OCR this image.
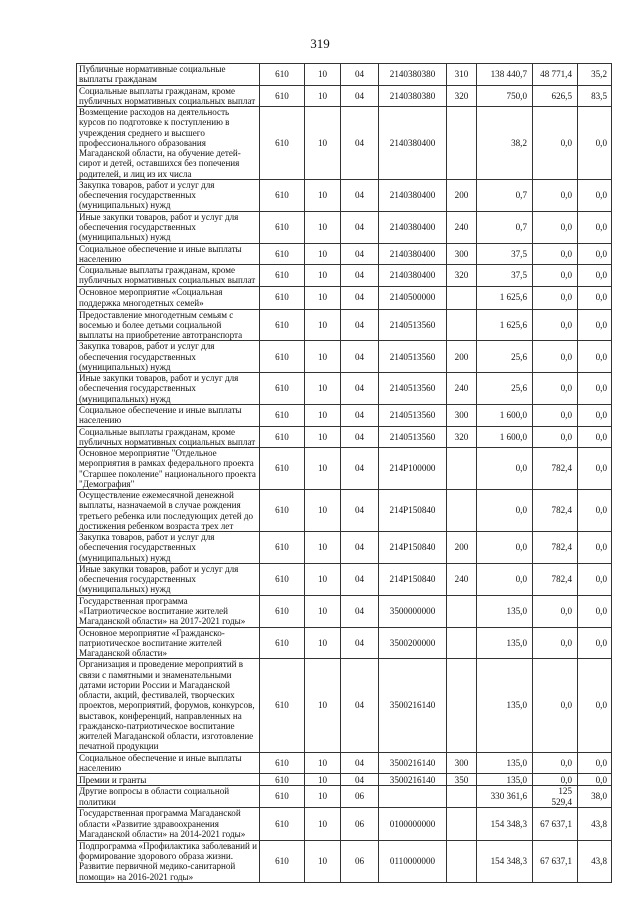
319
Публичные нормативные социальные выплаты гражданам	610	10	04	2140380380	310	138 440,7	48 771,4	35,2
Социальные выплаты гражданам, кроме публичных нормативных социальных выплат	610	10	04	2140380380	320	750,0	626,5	83,5
Возмещение расходов на деятельность курсов по подготовке к поступлению в учреждения среднего и высшего профессионального образования Магаданской области, на обучение детей-сирот и детей, оставшихся без попечения родителей, и лиц из их числа	610	10	04	2140380400		38,2	0,0	0,0
Закупка товаров, работ и услуг для обеспечения государственных (муниципальных) нужд	610	10	04	2140380400	200	0,7	0,0	0,0
Иные закупки товаров, работ и услуг для обеспечения государственных (муниципальных) нужд	610	10	04	2140380400	240	0,7	0,0	0,0
Социальное обеспечение и иные выплаты населению	610	10	04	2140380400	300	37,5	0,0	0,0
Социальные выплаты гражданам, кроме публичных нормативных социальных выплат	610	10	04	2140380400	320	37,5	0,0	0,0
Основное мероприятие «Социальная поддержка многодетных семей»	610	10	04	2140500000		1 625,6	0,0	0,0
Предоставление многодетным семьям с восемью и более детьми социальной выплаты на приобретение автотранспорта	610	10	04	2140513560		1 625,6	0,0	0,0
Закупка товаров, работ и услуг для обеспечения государственных (муниципальных) нужд	610	10	04	2140513560	200	25,6	0,0	0,0
Иные закупки товаров, работ и услуг для обеспечения государственных (муниципальных) нужд	610	10	04	2140513560	240	25,6	0,0	0,0
Социальное обеспечение и иные выплаты населению	610	10	04	2140513560	300	1 600,0	0,0	0,0
Социальные выплаты гражданам, кроме публичных нормативных социальных выплат	610	10	04	2140513560	320	1 600,0	0,0	0,0
Основное мероприятие "Отдельное мероприятия в рамках федерального проекта "Старшее поколение" национального проекта "Демография"	610	10	04	214P100000		0,0	782,4	0,0
Осуществление ежемесячной денежной выплаты, назначаемой в случае рождения третьего ребенка или последующих детей до достижения ребенком возраста трех лет	610	10	04	214P150840		0,0	782,4	0,0
Закупка товаров, работ и услуг для обеспечения государственных (муниципальных) нужд	610	10	04	214P150840	200	0,0	782,4	0,0
Иные закупки товаров, работ и услуг для обеспечения государственных (муниципальных) нужд	610	10	04	214P150840	240	0,0	782,4	0,0
Государственная программа «Патриотическое воспитание жителей Магаданской области» на 2017-2021 годы»	610	10	04	3500000000		135,0	0,0	0,0
Основное мероприятие «Гражданско-патриотическое воспитание жителей Магаданской области»	610	10	04	3500200000		135,0	0,0	0,0
Организация и проведение мероприятий в связи с памятными и знаменательными датами истории России и Магаданской области, акций, фестивалей, творческих проектов, мероприятий, форумов, конкурсов, выставок, конференций, направленных на гражданско-патриотическое воспитание жителей Магаданской области, изготовление печатной продукции	610	10	04	3500216140		135,0	0,0	0,0
Социальное обеспечение и иные выплаты населению	610	10	04	3500216140	300	135,0	0,0	0,0
Премии и гранты	610	10	04	3500216140	350	135,0	0,0	0,0
Другие вопросы в области социальной политики	610	10	06			330 361,6	125 529,4	38,0
Государственная программа Магаданской области «Развитие здравоохранения Магаданской области» на 2014-2021 годы»	610	10	06	0100000000		154 348,3	67 637,1	43,8
Подпрограмма «Профилактика заболеваний и формирование здорового образа жизни. Развитие первичной медико-санитарной помощи» на 2016-2021 годы»	610	10	06	0110000000		154 348,3	67 637,1	43,8
